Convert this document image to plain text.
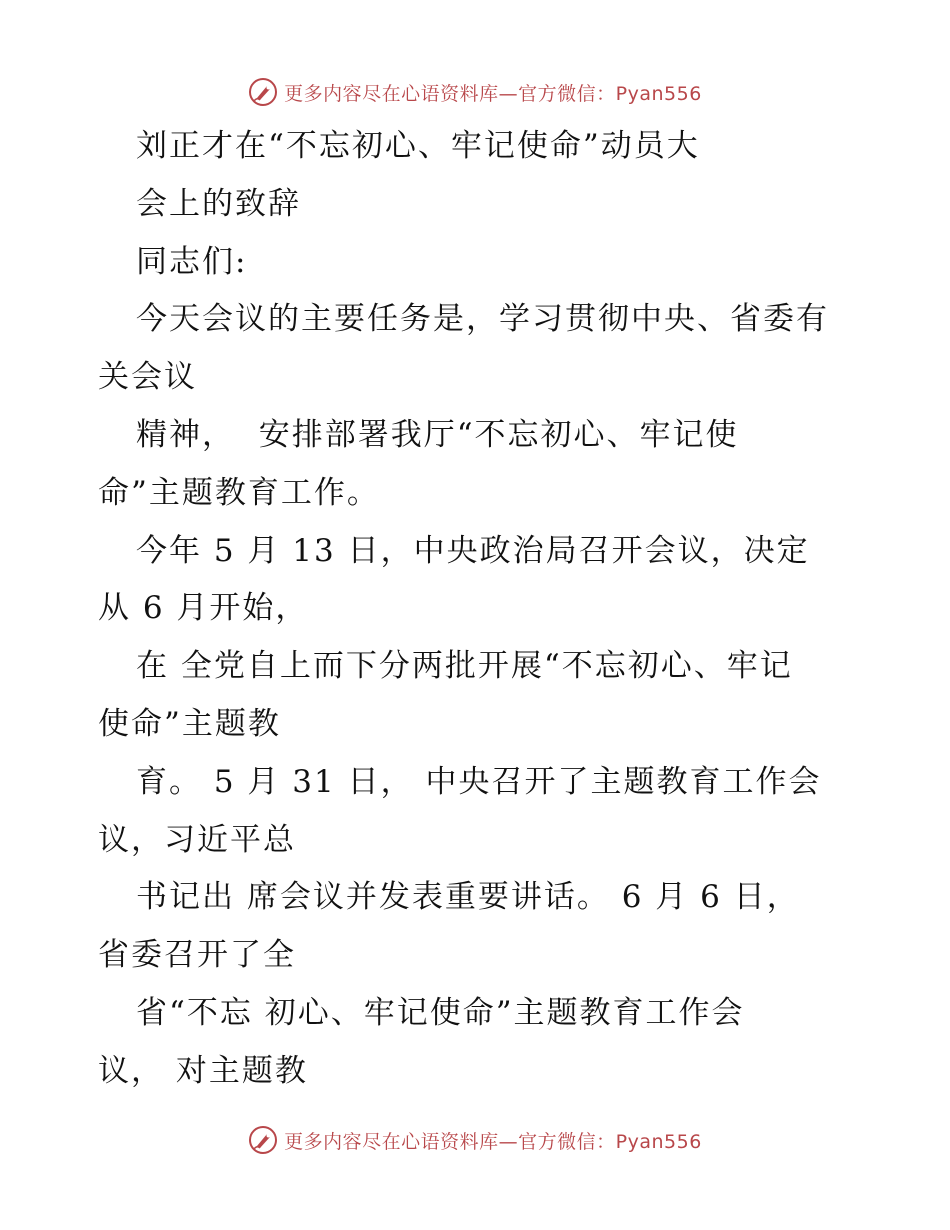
更多内容尽在心语资料库—官方微信：Pyan556
刘正才在“不忘初心、牢记使命”动员大
会上的致辞
同志们:
今天会议的主要任务是，学习贯彻中央、省委有
关会议
精神，  安排部署我厅“不忘初心、牢记使
命”主题教育工作。
今年 5 月 13 日，中央政治局召开会议，决定
从 6 月开始，
在 全党自上而下分两批开展“不忘初心、牢记
使命”主题教
育。 5 月 31 日， 中央召开了主题教育工作会
议，习近平总
书记出 席会议并发表重要讲话。 6 月 6 日，
省委召开了全
省“不忘 初心、牢记使命”主题教育工作会
议， 对主题教
更多内容尽在心语资料库—官方微信：Pyan556
